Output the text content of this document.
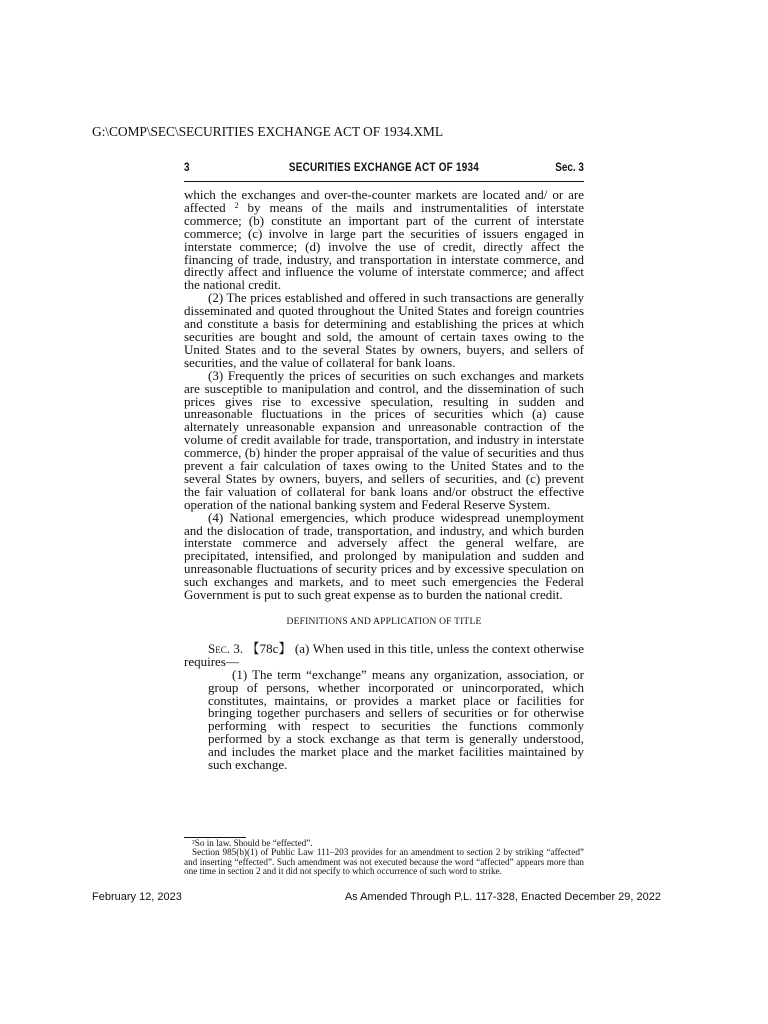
G:\COMP\SEC\SECURITIES EXCHANGE ACT OF 1934.XML
3	SECURITIES EXCHANGE ACT OF 1934	Sec. 3

which the exchanges and over-the-counter markets are located and/ or are affected $^2$ by means of the mails and instrumentalities of interstate commerce; (b) constitute an important part of the current of interstate commerce; (c) involve in large part the securities of issuers engaged in interstate commerce; (d) involve the use of credit, directly affect the financing of trade, industry, and transportation in interstate commerce, and directly affect and influence the volume of interstate commerce; and affect the national credit.

(2) The prices established and offered in such transactions are generally disseminated and quoted throughout the United States and foreign countries and constitute a basis for determining and establishing the prices at which securities are bought and sold, the amount of certain taxes owing to the United States and to the several States by owners, buyers, and sellers of securities, and the value of collateral for bank loans.

(3) Frequently the prices of securities on such exchanges and markets are susceptible to manipulation and control, and the dissemination of such prices gives rise to excessive speculation, resulting in sudden and unreasonable fluctuations in the prices of securities which (a) cause alternately unreasonable expansion and unreasonable contraction of the volume of credit available for trade, transportation, and industry in interstate commerce, (b) hinder the proper appraisal of the value of securities and thus prevent a fair calculation of taxes owing to the United States and to the several States by owners, buyers, and sellers of securities, and (c) prevent the fair valuation of collateral for bank loans and/or obstruct the effective operation of the national banking system and Federal Reserve System.

(4) National emergencies, which produce widespread unemployment and the dislocation of trade, transportation, and industry, and which burden interstate commerce and adversely affect the general welfare, are precipitated, intensified, and prolonged by manipulation and sudden and unreasonable fluctuations of security prices and by excessive speculation on such exchanges and markets, and to meet such emergencies the Federal Government is put to such great expense as to burden the national credit.

DEFINITIONS AND APPLICATION OF TITLE

Sec. 3. 【78c】 (a) When used in this title, unless the context otherwise requires—

(1) The term “exchange” means any organization, association, or group of persons, whether incorporated or unincorporated, which constitutes, maintains, or provides a market place or facilities for bringing together purchasers and sellers of securities or for otherwise performing with respect to securities the functions commonly performed by a stock exchange as that term is generally understood, and includes the market place and the market facilities maintained by such exchange.

²So in law. Should be “effected”.

Section 985(b)(1) of Public Law 111–203 provides for an amendment to section 2 by striking “affected” and inserting “effected”. Such amendment was not executed because the word “affected” appears more than one time in section 2 and it did not specify to which occurrence of such word to strike.

February 12, 2023	As Amended Through P.L. 117-328, Enacted December 29, 2022
